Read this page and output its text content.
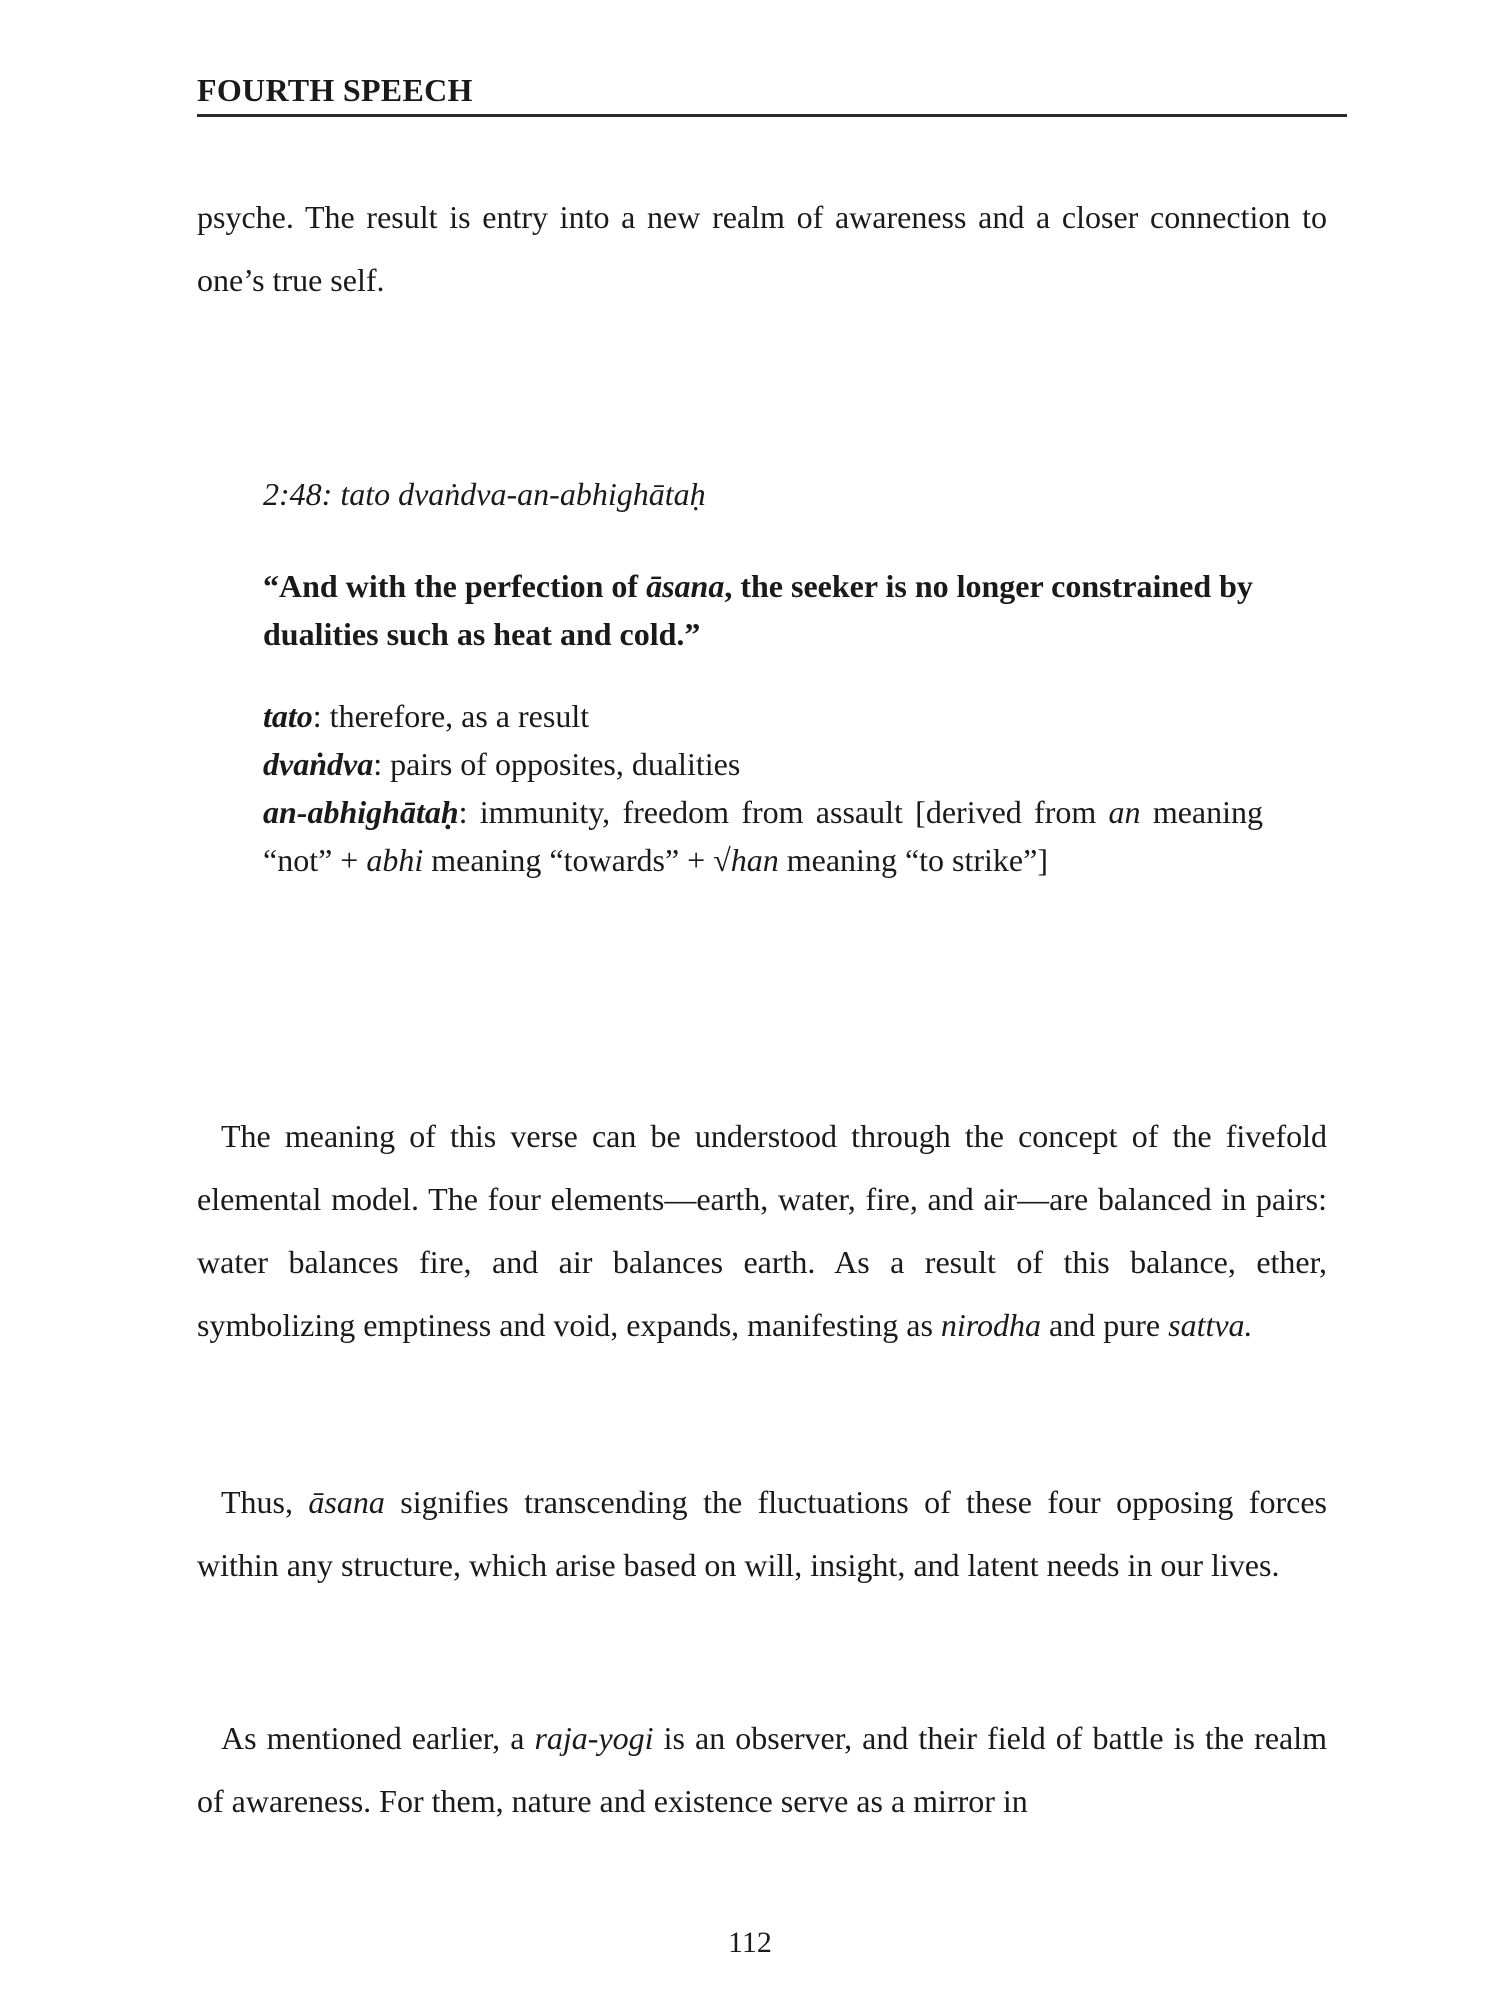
FOURTH SPEECH

psyche. The result is entry into a new realm of awareness and a closer connection to one’s true self.

2:48: tato dvaṅdva-an-abhighātaḥ
“And with the perfection of āsana, the seeker is no longer constrained by dualities such as heat and cold.”
tato: therefore, as a result
dvaṅdva: pairs of opposites, dualities
an-abhighātaḥ: immunity, freedom from assault [derived from an meaning “not” + abhi meaning “towards” + √han meaning “to strike”]

The meaning of this verse can be understood through the concept of the fivefold elemental model. The four elements—earth, water, fire, and air—are balanced in pairs: water balances fire, and air balances earth. As a result of this balance, ether, symbolizing emptiness and void, expands, manifesting as nirodha and pure sattva.

Thus, āsana signifies transcending the fluctuations of these four opposing forces within any structure, which arise based on will, insight, and latent needs in our lives.

As mentioned earlier, a raja-yogi is an observer, and their field of battle is the realm of awareness. For them, nature and existence serve as a mirror in

112
